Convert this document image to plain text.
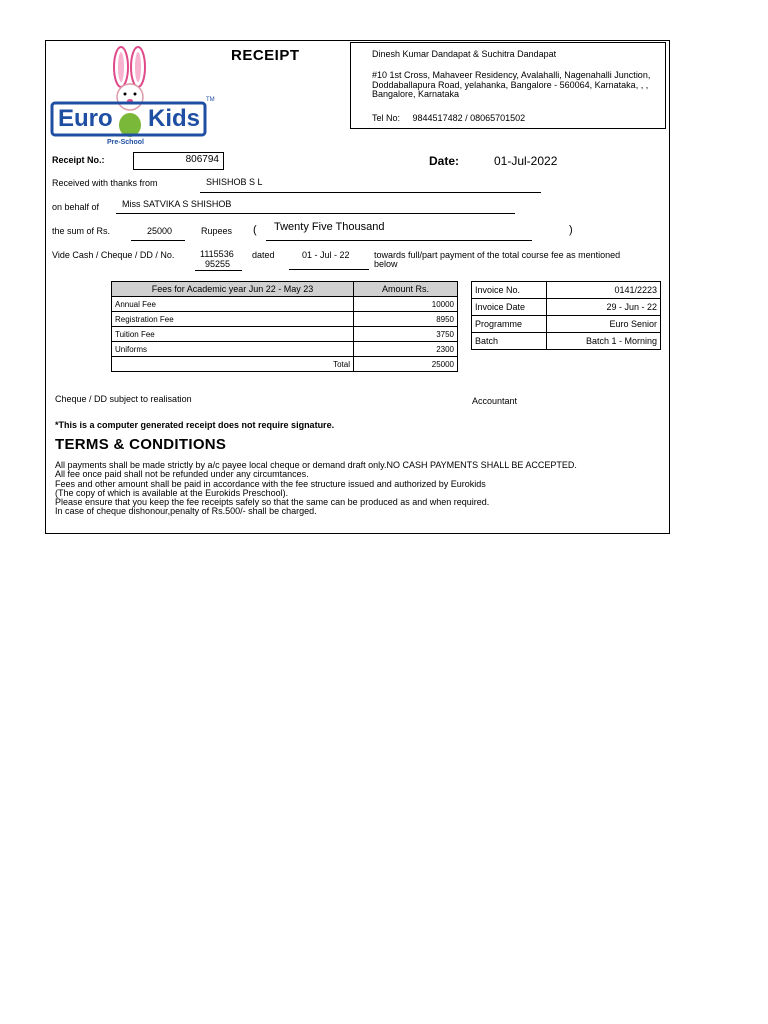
Euro Kids
TM
Pre-School
RECEIPT	Dinesh Kumar Dandapat & Suchitra Dandapat
#10 1st Cross, Mahaveer Residency, Avalahalli, Nagenahalli Junction, Doddaballapura Road, yelahanka, Bangalore - 560064, Karnataka, , , Bangalore, Karnataka
Tel No: 9844517482 / 08065701502
Receipt No.:	806794	Date:	01-Jul-2022
Received with thanks from	SHISHOB S L
on behalf of	Miss SATVIKA S SHISHOB
the sum of Rs.	25000	Rupees ( Twenty Five Thousand	)
Vide Cash / Cheque / DD / No.	1115536
95255
dated	01 - Jul - 22	towards full/part payment of the total course fee as mentioned
below
Fees for Academic year Jun 22 - May 23	Amount Rs.
Annual Fee	10000
Registration Fee	8950
Tuition Fee	3750
Uniforms	2300
Total	25000
Invoice No.	0141/2223
Invoice Date	29 - Jun - 22
Programme	Euro Senior
Batch	Batch 1 - Morning
Cheque / DD subject to realisation	Accountant
*This is a computer generated receipt does not require signature.
TERMS & CONDITIONS
All payments shall be made strictly by a/c payee local cheque or demand draft only.NO CASH PAYMENTS SHALL BE ACCEPTED.
All fee once paid shall not be refunded under any circumtances.
Fees and other amount shall be paid in accordance with the fee structure issued and authorized by Eurokids
(The copy of which is available at the Eurokids Preschool).
Please ensure that you keep the fee receipts safely so that the same can be produced as and when required.
In case of cheque dishonour,penalty of Rs.500/- shall be charged.
